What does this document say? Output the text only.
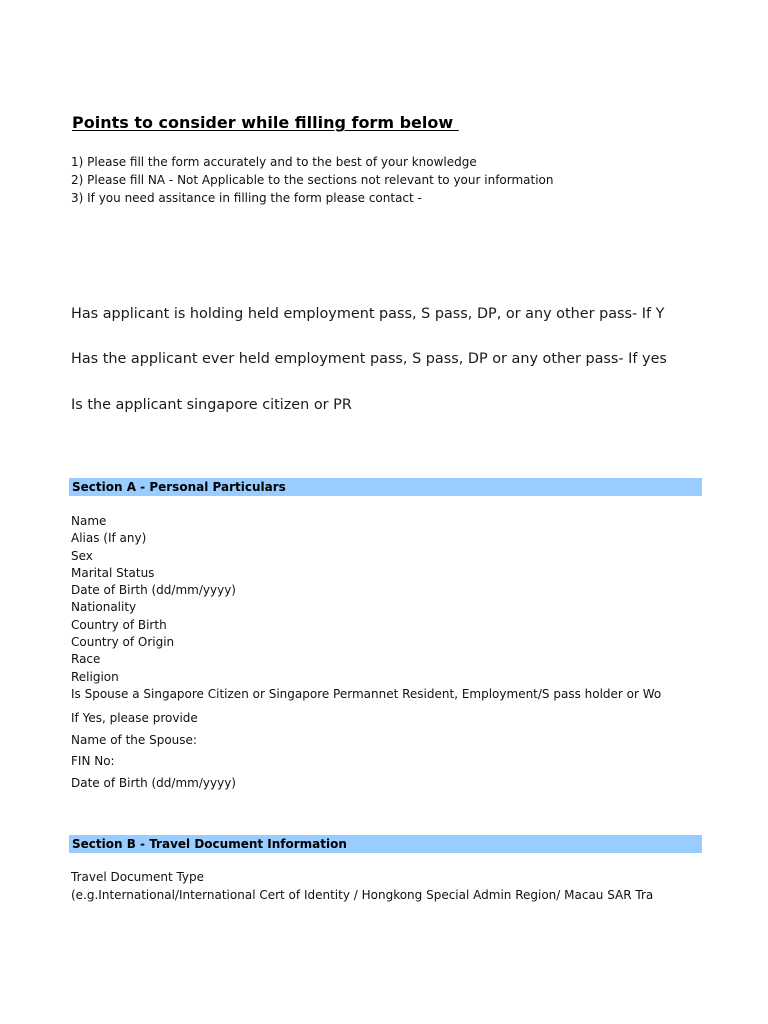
Points to consider while filling form below
1) Please fill the form accurately and to the best of your knowledge
2) Please fill NA - Not Applicable to the sections not relevant to your information
3) If you need assitance in filling the form please contact -

Has applicant is holding held employment pass, S pass, DP, or any other pass- If Y

Has the applicant ever held employment pass, S pass, DP or any other pass- If yes

Is the applicant singapore citizen or PR

Section A - Personal Particulars
Name
Alias (If any)
Sex
Marital Status
Date of Birth (dd/mm/yyyy)
Nationality
Country of Birth
Country of Origin
Race
Religion
Is Spouse a Singapore Citizen or Singapore Permannet Resident, Employment/S pass holder or Wo
If Yes, please provide
Name of the Spouse:
FIN No:
Date of Birth (dd/mm/yyyy)
Section B - Travel Document Information
Travel Document Type
(e.g.International/International Cert of Identity / Hongkong Special Admin Region/ Macau SAR Tra
